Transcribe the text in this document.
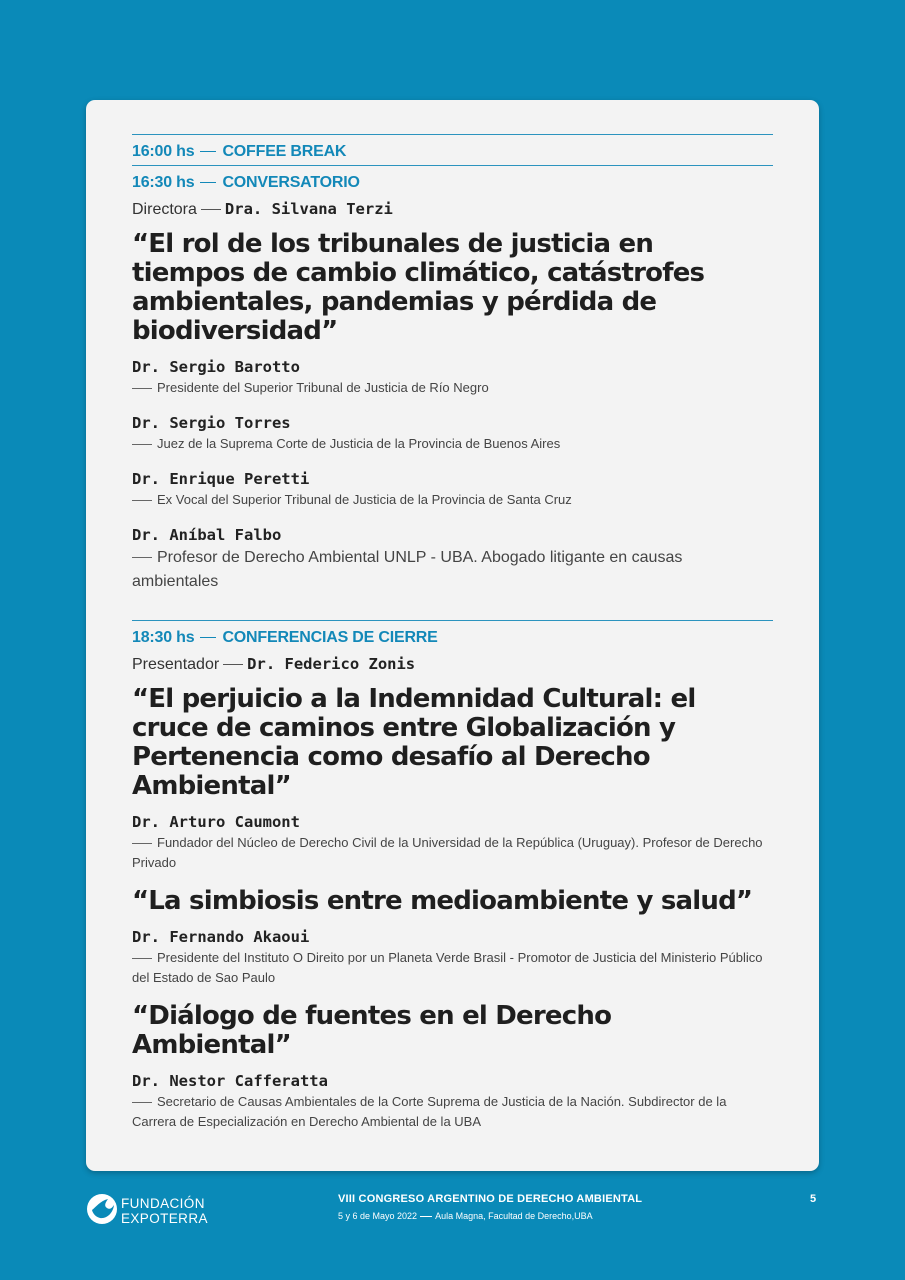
16:00 hs COFFEE BREAK
16:30 hs CONVERSATORIO
Directora Dra. Silvana Terzi
“El rol de los tribunales de justicia en tiempos de cambio climático, catástrofes ambientales, pandemias y pérdida de biodiversidad”
Dr. Sergio Barotto
Presidente del Superior Tribunal de Justicia de Río Negro
Dr. Sergio Torres
Juez de la Suprema Corte de Justicia de la Provincia de Buenos Aires
Dr. Enrique Peretti
Ex Vocal del Superior Tribunal de Justicia de la Provincia de Santa Cruz
Dr. Aníbal Falbo
Profesor de Derecho Ambiental UNLP - UBA. Abogado litigante en causas ambientales
18:30 hs CONFERENCIAS DE CIERRE
Presentador Dr. Federico Zonis
“El perjuicio a la Indemnidad Cultural: el cruce de caminos entre Globalización y Pertenencia como desafío al Derecho Ambiental”
Dr. Arturo Caumont
Fundador del Núcleo de Derecho Civil de la Universidad de la República (Uruguay). Profesor de Derecho Privado
“La simbiosis entre medioambiente y salud”
Dr. Fernando Akaoui
Presidente del Instituto O Direito por un Planeta Verde Brasil - Promotor de Justicia del Ministerio Público del Estado de Sao Paulo
“Diálogo de fuentes en el Derecho Ambiental”
Dr. Nestor Cafferatta
Secretario de Causas Ambientales de la Corte Suprema de Justicia de la Nación. Subdirector de la Carrera de Especialización en Derecho Ambiental de la UBA
FUNDACIÓN
EXPOTERRA
VIII CONGRESO ARGENTINO DE DERECHO AMBIENTAL
5 y 6 de Mayo 2022 Aula Magna, Facultad de Derecho,UBA
5
